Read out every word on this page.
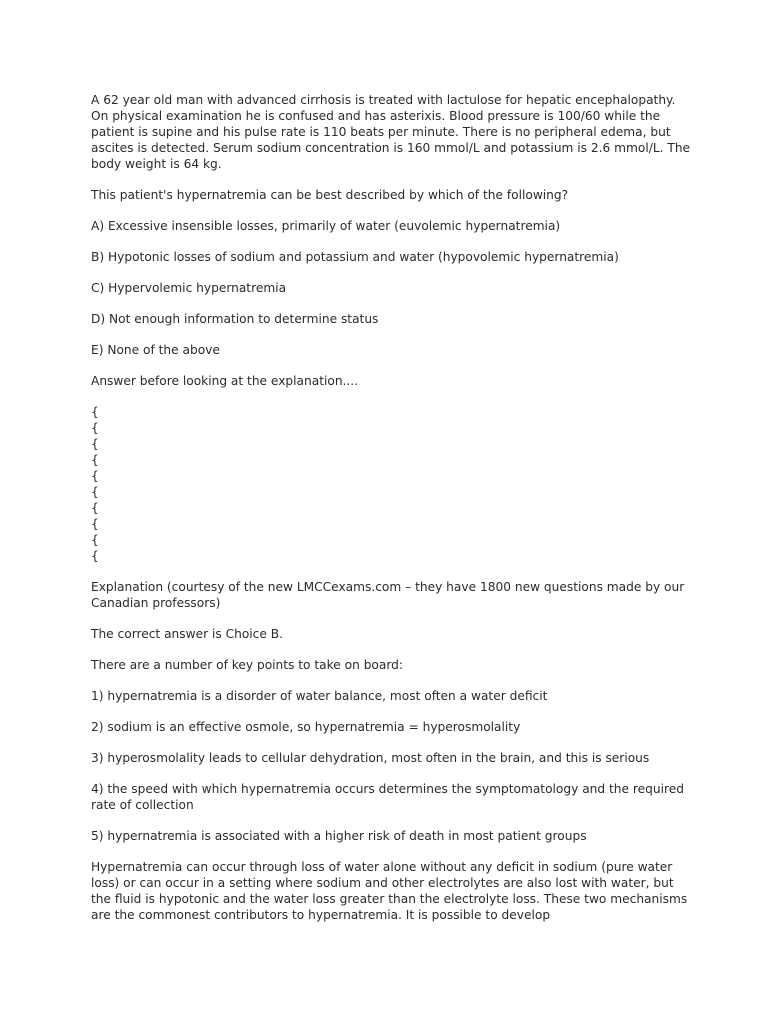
A 62 year old man with advanced cirrhosis is treated with lactulose for hepatic encephalopathy. On physical examination he is confused and has asterixis. Blood pressure is 100/60 while the patient is supine and his pulse rate is 110 beats per minute. There is no peripheral edema, but ascites is detected. Serum sodium concentration is 160 mmol/L and potassium is 2.6 mmol/L. The body weight is 64 kg.

This patient's hypernatremia can be best described by which of the following?

A) Excessive insensible losses, primarily of water (euvolemic hypernatremia)

B) Hypotonic losses of sodium and potassium and water (hypovolemic hypernatremia)

C) Hypervolemic hypernatremia

D) Not enough information to determine status

E) None of the above

Answer before looking at the explanation....

{
{
{
{
{
{
{
{
{
{

Explanation (courtesy of the new LMCCexams.com – they have 1800 new questions made by our Canadian professors)

The correct answer is Choice B.

There are a number of key points to take on board:

1) hypernatremia is a disorder of water balance, most often a water deficit

2) sodium is an effective osmole, so hypernatremia = hyperosmolality

3) hyperosmolality leads to cellular dehydration, most often in the brain, and this is serious

4) the speed with which hypernatremia occurs determines the symptomatology and the required rate of collection

5) hypernatremia is associated with a higher risk of death in most patient groups

Hypernatremia can occur through loss of water alone without any deficit in sodium (pure water loss) or can occur in a setting where sodium and other electrolytes are also lost with water, but the fluid is hypotonic and the water loss greater than the electrolyte loss. These two mechanisms are the commonest contributors to hypernatremia. It is possible to develop
